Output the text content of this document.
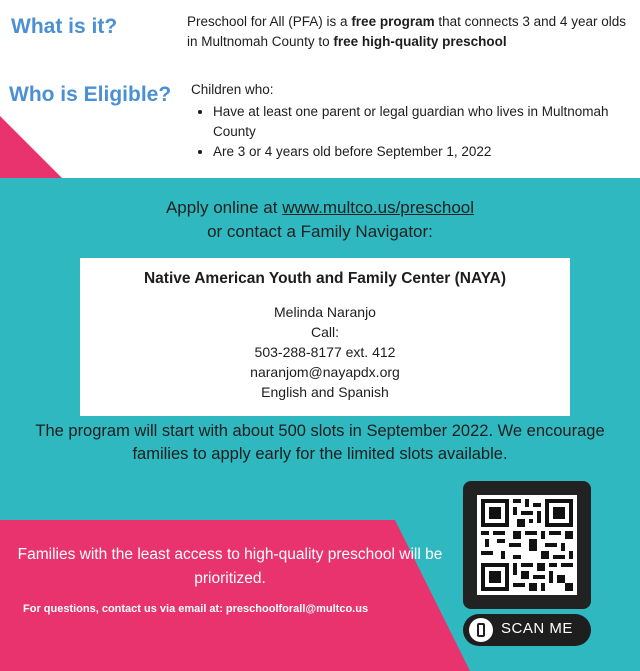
What is it?	Preschool for All (PFA) is a free program that connects 3 and 4 year olds in Multnomah County to free high-quality preschool
Who is Eligible? Children who:
• Have at least one parent or legal guardian who lives in Multnomah County
• Are 3 or 4 years old before September 1, 2022
Apply online at www.multco.us/preschool
or contact a Family Navigator:
Native American Youth and Family Center (NAYA)
Melinda Naranjo
Call:
503-288-8177 ext. 412
naranjom@nayapdx.org
English and Spanish
The program will start with about 500 slots in September 2022. We encourage families to apply early for the limited slots available.
Families with the least access to high-quality preschool will be prioritized.
For questions, contact us via email at: preschoolforall@multco.us
SCAN ME
